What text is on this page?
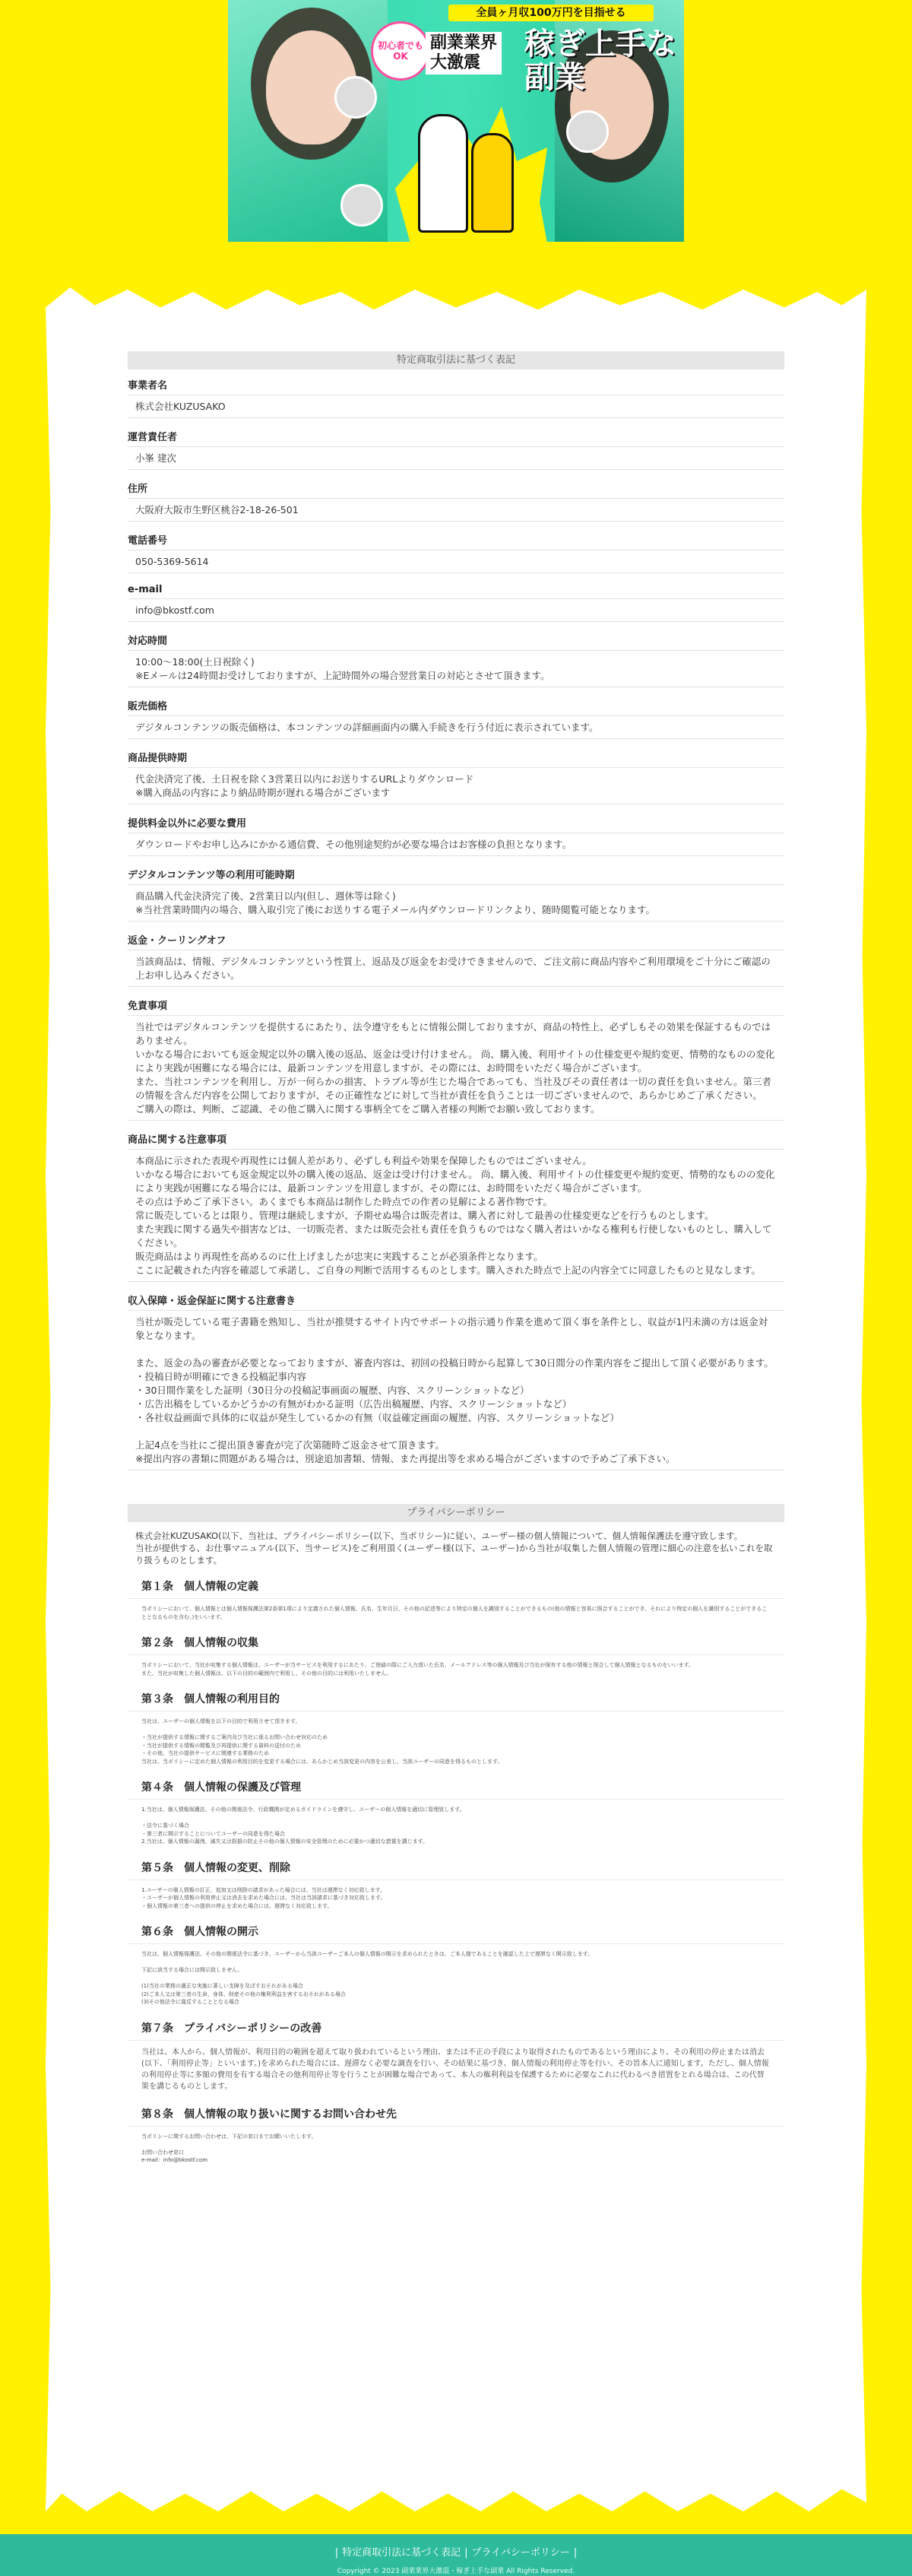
全員ヶ月収100万円を目指せる
初心者でもOK
副業業界
大激震
稼ぎ上手な副業
特定商取引法に基づく表記
事業者名
株式会社KUZUSAKO
運営責任者
小峯 建次
住所
大阪府大阪市生野区桃谷2-18-26-501
電話番号
050-5369-5614
e-mail
info@bkostf.com
対応時間
10:00～18:00(土日祝除く)
※Eメールは24時間お受けしておりますが、上記時間外の場合翌営業日の対応とさせて頂きます。
販売価格
デジタルコンテンツの販売価格は、本コンテンツの詳細画面内の購入手続きを行う付近に表示されています。
商品提供時期
代金決済完了後、土日祝を除く3営業日以内にお送りするURLよりダウンロード
※購入商品の内容により納品時期が遅れる場合がございます
提供料金以外に必要な費用
ダウンロードやお申し込みにかかる通信費、その他別途契約が必要な場合はお客様の負担となります。
デジタルコンテンツ等の利用可能時期
商品購入代金決済完了後、2営業日以内(但し、週休等は除く)
※当社営業時間内の場合、購入取引完了後にお送りする電子メール内ダウンロードリンクより、随時閲覧可能となります。
返金・クーリングオフ
当該商品は、情報、デジタルコンテンツという性質上、返品及び返金をお受けできませんので、ご注文前に商品内容やご利用環境をご十分にご確認の上お申し込みください。
免責事項
当社ではデジタルコンテンツを提供するにあたり、法令遵守をもとに情報公開しておりますが、商品の特性上、必ずしもその効果を保証するものではありません。
いかなる場合においても返金規定以外の購入後の返品、返金は受け付けません。 尚、購入後、利用サイトの仕様変更や規約変更、情勢的なものの変化により実践が困難になる場合には、最新コンテンツを用意しますが、その際には、お時間をいただく場合がございます。
また、当社コンテンツを利用し、万が一何らかの損害、トラブル等が生じた場合であっても、当社及びその責任者は一切の責任を負いません。第三者の情報を含んだ内容を公開しておりますが、その正確性などに対して当社が責任を負うことは一切ございませんので、あらかじめご了承ください。
ご購入の際は、判断、ご認識、その他ご購入に関する事柄全てをご購入者様の判断でお願い致しております。
商品に関する注意事項
本商品に示された表現や再現性には個人差があり、必ずしも利益や効果を保障したものではございません。
いかなる場合においても返金規定以外の購入後の返品、返金は受け付けません。 尚、購入後、利用サイトの仕様変更や規約変更、情勢的なものの変化により実践が困難になる場合には、最新コンテンツを用意しますが、その際には、お時間をいただく場合がございます。
その点は予めご了承下さい。あくまでも本商品は制作した時点での作者の見解による著作物です。
常に販売しているとは限り、管理は継続しますが、予期せぬ場合は販売者は、購入者に対して最善の仕様変更などを行うものとします。
また実践に関する過失や損害などは、一切販売者、または販売会社も責任を負うものではなく購入者はいかなる権利も行使しないものとし、購入してください。
販売商品はより再現性を高めるのに仕上げましたが忠実に実践することが必須条件となります。
ここに記載された内容を確認して承諾し、ご自身の判断で活用するものとします。購入された時点で上記の内容全てに同意したものと見なします。
収入保障・返金保証に関する注意書き
当社が販売している電子書籍を熟知し、当社が推奨するサイト内でサポートの指示通り作業を進めて頂く事を条件とし、収益が1円未満の方は返金対象となります。

また、返金の為の審査が必要となっておりますが、審査内容は、初回の投稿日時から起算して30日間分の作業内容をご提出して頂く必要があります。
・投稿日時が明確にできる投稿記事内容
・30日間作業をした証明（30日分の投稿記事画面の履歴、内容、スクリーンショットなど）
・広告出稿をしているかどうかの有無がわかる証明（広告出稿履歴、内容、スクリーンショットなど）
・各社収益画面で具体的に収益が発生しているかの有無（収益確定画面の履歴、内容、スクリーンショットなど）

上記4点を当社にご提出頂き審査が完了次第随時ご返金させて頂きます。
※提出内容の書類に問題がある場合は、別途追加書類、情報、また再提出等を求める場合がございますので予めご了承下さい。
プライバシーポリシー
株式会社KUZUSAKO(以下、当社は、プライバシーポリシー(以下、当ポリシー)に従い、ユーザー様の個人情報について、個人情報保護法を遵守致します。
当社が提供する、お仕事マニュアル(以下、当サービス)をご利用頂く(ユーザー様(以下、ユーザー)から当社が収集した個人情報の管理に細心の注意を払いこれを取り扱うものとします。
第１条　個人情報の定義
当ポリシーにおいて、個人情報とは個人情報保護法第2条第1項により定義された個人情報、氏名、生年月日、その他の記述等により特定の個人を識別することができるもの(他の情報と容易に照合することができ、それにより特定の個人を識別することができることとなるものを含む。)をいいます。
第２条　個人情報の収集
当ポリシーにおいて、当社が収集する個人情報は、ユーザーが当サービスを利用するにあたり、ご登録の際にご入力頂いた氏名、メールアドレス等の個人情報及び当社が保有する他の情報と照合して個人情報となるものをいいます。
また、当社が収集した個人情報は、以下の目的の範囲内で利用し、その他の目的には利用いたしません。
第３条　個人情報の利用目的
当社は、ユーザーの個人情報を以下の目的で利用させて頂きます。

・当社が提供する情報に関するご案内及び当社に係るお問い合わせ対応のため
・当社が提供する情報の閲覧及び再提供に関する資料の送付のため
・その他、当社の提供サービスに関連する業務のため
当社は、当ポリシーに定めた個人情報の利用目的を変更する場合には、あらかじめ当該変更の内容を公表し、当該ユーザーの同意を得るものとします。
第４条　個人情報の保護及び管理
1.当社は、個人情報保護法、その他の関係法令、行政機関が定めるガイドラインを遵守し、ユーザーの個人情報を適切に管理致します。

・法令に基づく場合
・第三者に開示することについてユーザーの同意を得た場合
2.当社は、個人情報の漏洩、滅失又は毀損の防止その他の個人情報の安全管理のために必要かつ適切な措置を講じます。
第５条　個人情報の変更、削除
1.ユーザーの個人情報の訂正、追加又は削除の請求があった場合には、当社は遅滞なく対応致します。
・ユーザーが個人情報の利用停止又は消去を求めた場合には、当社は当該請求に基づき対応致します。
・個人情報の第三者への提供の停止を求めた場合には、遅滞なく対応致します。
第６条　個人情報の開示
当社は、個人情報保護法、その他の関係法令に基づき、ユーザーから当該ユーザーご本人の個人情報の開示を求められたときは、ご本人様であることを確認した上で遅滞なく開示致します。

下記に該当する場合には開示致しません。

(1)当社の業務の適正な実施に著しい支障を及ぼすおそれがある場合
(2)ご本人又は第三者の生命、身体、財産その他の権利利益を害するおそれがある場合
(3)その他法令に違反することとなる場合
第７条　プライバシーポリシーの改善
当社は、本人から、個人情報が、利用目的の範囲を超えて取り扱われているという理由、または不正の手段により取得されたものであるという理由により、その利用の停止または消去(以下、「利用停止等」といいます。)を求められた場合には、遅滞なく必要な調査を行い、その結果に基づき、個人情報の利用停止等を行い、その旨本人に通知します。ただし、個人情報の利用停止等に多額の費用を有する場合その他利用停止等を行うことが困難な場合であって、本人の権利利益を保護するために必要なこれに代わるべき措置をとれる場合は、この代替策を講じるものとします。
第８条　個人情報の取り扱いに関するお問い合わせ先
当ポリシーに関するお問い合わせは、下記の窓口までお願いいたします。

お問い合わせ窓口
e-mail：info@bkostf.com
| 特定商取引法に基づく表記 | プライバシーポリシー |
Copyright © 2023 副業業界大激震・稼ぎ上手な副業 All Rights Reserved.
